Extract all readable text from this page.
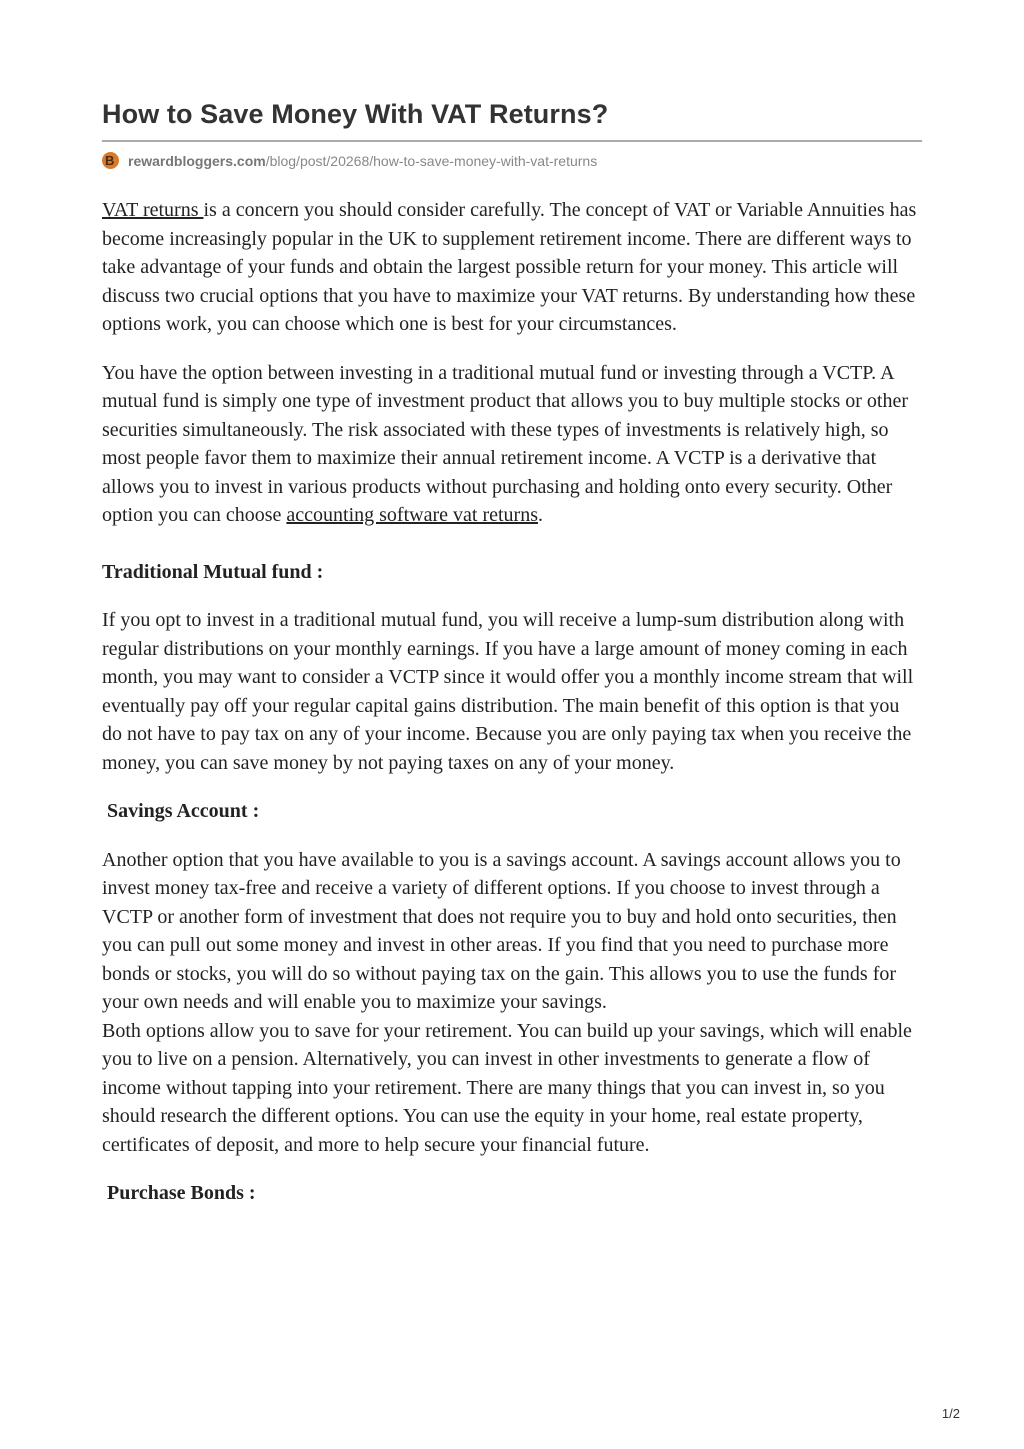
How to Save Money With VAT Returns?
B rewardbloggers.com /blog/post/20268/how-to-save-money-with-vat-returns

VAT returns is a concern you should consider carefully. The concept of VAT or Variable Annuities has become increasingly popular in the UK to supplement retirement income. There are different ways to take advantage of your funds and obtain the largest possible return for your money. This article will discuss two crucial options that you have to maximize your VAT returns. By understanding how these options work, you can choose which one is best for your circumstances.

You have the option between investing in a traditional mutual fund or investing through a VCTP. A mutual fund is simply one type of investment product that allows you to buy multiple stocks or other securities simultaneously. The risk associated with these types of investments is relatively high, so most people favor them to maximize their annual retirement income. A VCTP is a derivative that allows you to invest in various products without purchasing and holding onto every security. Other option you can choose accounting software vat returns.

Traditional Mutual fund :

If you opt to invest in a traditional mutual fund, you will receive a lump-sum distribution along with regular distributions on your monthly earnings. If you have a large amount of money coming in each month, you may want to consider a VCTP since it would offer you a monthly income stream that will eventually pay off your regular capital gains distribution. The main benefit of this option is that you do not have to pay tax on any of your income. Because you are only paying tax when you receive the money, you can save money by not paying taxes on any of your money.

Savings Account :

Another option that you have available to you is a savings account. A savings account allows you to invest money tax-free and receive a variety of different options. If you choose to invest through a VCTP or another form of investment that does not require you to buy and hold onto securities, then you can pull out some money and invest in other areas. If you find that you need to purchase more bonds or stocks, you will do so without paying tax on the gain. This allows you to use the funds for your own needs and will enable you to maximize your savings.

Both options allow you to save for your retirement. You can build up your savings, which will enable you to live on a pension. Alternatively, you can invest in other investments to generate a flow of income without tapping into your retirement. There are many things that you can invest in, so you should research the different options. You can use the equity in your home, real estate property, certificates of deposit, and more to help secure your financial future.

Purchase Bonds :
1/2
